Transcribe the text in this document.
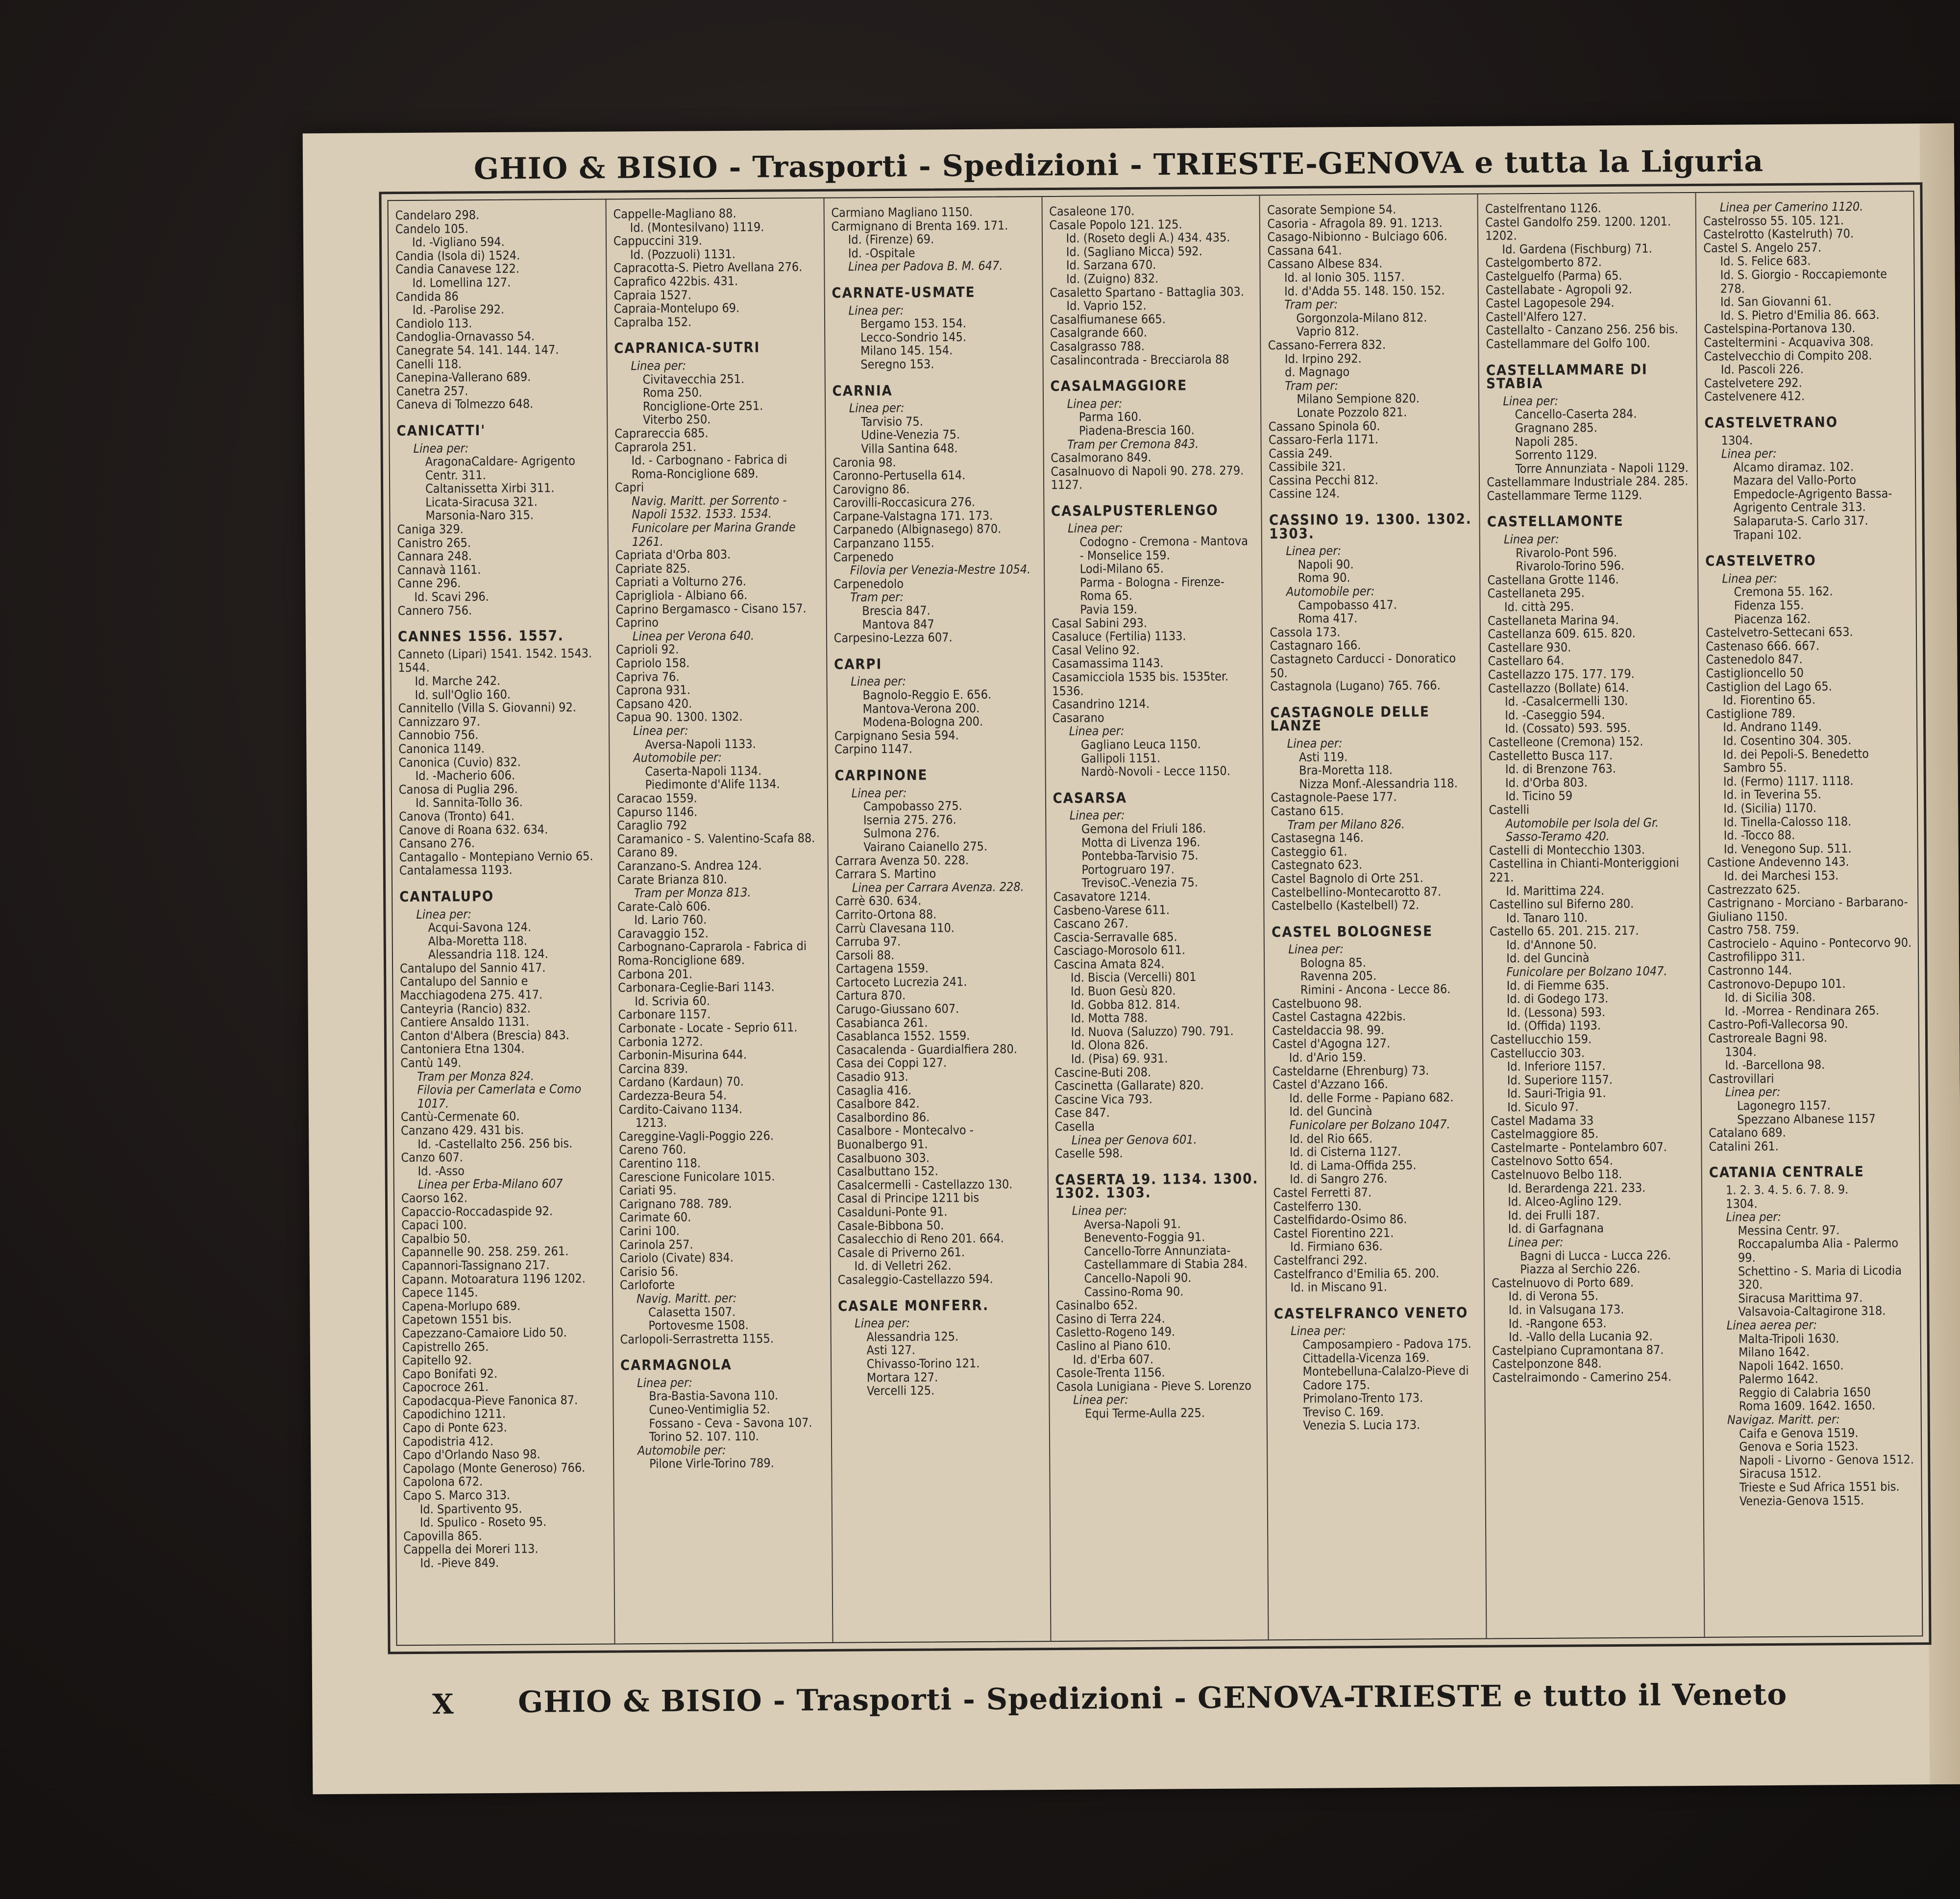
GHIO & BISIO - Trasporti - Spedizioni - TRIESTE-GENOVA e tutta la Liguria
Candelaro 298.
Candelo 105.
Id. -Vigliano 594.
Candia (Isola di) 1524.
Candia Canavese 122.
Id. Lomellina 127.
Candida 86
Id. -Parolise 292.
Candiolo 113.
Candoglia-Ornavasso 54.
Canegrate 54. 141. 144. 147.
Canelli 118.
Canepina-Vallerano 689.
Canetra 257.
Caneva di Tolmezzo 648.
CANICATTI'
Linea per:
AragonaCaldare- Agrigento Centr. 311.
Caltanissetta Xirbi 311.
Licata-Siracusa 321.
Marsonia-Naro 315.
Caniga 329.
Canistro 265.
Cannara 248.
Cannavà 1161.
Canne 296.
Id. Scavi 296.
Cannero 756.
CANNES 1556. 1557.
Canneto (Lipari) 1541. 1542. 1543. 1544.
Id. Marche 242.
Id. sull'Oglio 160.
Cannitello (Villa S. Giovanni) 92.
Cannizzaro 97.
Cannobio 756.
Canonica 1149.
Canonica (Cuvio) 832.
Id. -Macherio 606.
Canosa di Puglia 296.
Id. Sannita-Tollo 36.
Canova (Tronto) 641.
Canove di Roana 632. 634.
Cansano 276.
Cantagallo - Montepiano Vernio 65.
Cantalamessa 1193.
CANTALUPO
Linea per:
Acqui-Savona 124.
Alba-Moretta 118.
Alessandria 118. 124.
Cantalupo del Sannio 417.
Cantalupo del Sannio e Macchiagodena 275. 417.
Canteyria (Rancio) 832.
Cantiere Ansaldo 1131.
Canton d'Albera (Brescia) 843.
Cantoniera Etna 1304.
Cantù 149.
Tram per Monza 824.
Filovia per Camerlata e Como 1017.
Cantù-Cermenate 60.
Canzano 429. 431 bis.
Id. -Castellalto 256. 256 bis.
Canzo 607.
Id. -Asso
Linea per Erba-Milano 607
Caorso 162.
Capaccio-Roccadaspide 92.
Capaci 100.
Capalbio 50.
Capannelle 90. 258. 259. 261.
Capannori-Tassignano 217.
Capann. Motoaratura 1196 1202.
Capece 1145.
Capena-Morlupo 689.
Capetown 1551 bis.
Capezzano-Camaiore Lido 50.
Capistrello 265.
Capitello 92.
Capo Bonifati 92.
Capocroce 261.
Capodacqua-Pieve Fanonica 87.
Capodichino 1211.
Capo di Ponte 623.
Capodistria 412.
Capo d'Orlando Naso 98.
Capolago (Monte Generoso) 766.
Capolona 672.
Capo S. Marco 313.
Id. Spartivento 95.
Id. Spulico - Roseto 95.
Capovilla 865.
Cappella dei Moreri 113.
Id. -Pieve 849.
Cappelle-Magliano 88.
Id. (Montesilvano) 1119.
Cappuccini 319.
Id. (Pozzuoli) 1131.
Capracotta-S. Pietro Avellana 276.
Caprafico 422bis. 431.
Capraia 1527.
Capraia-Montelupo 69.
Capralba 152.
CAPRANICA-SUTRI
Linea per:
Civitavecchia 251.
Roma 250.
Ronciglione-Orte 251.
Viterbo 250.
Caprareccia 685.
Caprarola 251.
Id. - Carbognano - Fabrica di Roma-Ronciglione 689.
Capri
Navig. Maritt. per Sorrento - Napoli 1532. 1533. 1534.
Funicolare per Marina Grande 1261.
Capriata d'Orba 803.
Capriate 825.
Capriati a Volturno 276.
Caprigliola - Albiano 66.
Caprino Bergamasco - Cisano 157.
Caprino
Linea per Verona 640.
Caprioli 92.
Capriolo 158.
Capriva 76.
Caprona 931.
Capsano 420.
Capua 90. 1300. 1302.
Linea per:
Aversa-Napoli 1133.
Automobile per:
Caserta-Napoli 1134.
Piedimonte d'Alife 1134.
Caracao 1559.
Capurso 1146.
Caraglio 792
Caramanico - S. Valentino-Scafa 88.
Carano 89.
Caranzano-S. Andrea 124.
Carate Brianza 810.
Tram per Monza 813.
Carate-Calò 606.
Id. Lario 760.
Caravaggio 152.
Carbognano-Caprarola - Fabrica di Roma-Ronciglione 689.
Carbona 201.
Carbonara-Ceglie-Bari 1143.
Id. Scrivia 60.
Carbonare 1157.
Carbonate - Locate - Seprio 611.
Carbonia 1272.
Carbonin-Misurina 644.
Carcina 839.
Cardano (Kardaun) 70.
Cardezza-Beura 54.
Cardito-Caivano 1134.
1213.
Careggine-Vagli-Poggio 226.
Careno 760.
Carentino 118.
Carescione Funicolare 1015.
Cariati 95.
Carignano 788. 789.
Carimate 60.
Carini 100.
Carinola 257.
Cariolo (Civate) 834.
Carisio 56.
Carloforte
Navig. Maritt. per:
Calasetta 1507.
Portovesme 1508.
Carlopoli-Serrastretta 1155.
CARMAGNOLA
Linea per:
Bra-Bastia-Savona 110.
Cuneo-Ventimiglia 52.
Fossano - Ceva - Savona 107.
Torino 52. 107. 110.
Automobile per:
Pilone Virle-Torino 789.
Carmiano Magliano 1150.
Carmignano di Brenta 169. 171.
Id. (Firenze) 69.
Id. -Ospitale
Linea per Padova B. M. 647.
CARNATE-USMATE
Linea per:
Bergamo 153. 154.
Lecco-Sondrio 145.
Milano 145. 154.
Seregno 153.
CARNIA
Linea per:
Tarvisio 75.
Udine-Venezia 75.
Villa Santina 648.
Caronia 98.
Caronno-Pertusella 614.
Carovigno 86.
Carovilli-Roccasicura 276.
Carpane-Valstagna 171. 173.
Carpanedo (Albignasego) 870.
Carpanzano 1155.
Carpenedo
Filovia per Venezia-Mestre 1054.
Carpenedolo
Tram per:
Brescia 847.
Mantova 847
Carpesino-Lezza 607.
CARPI
Linea per:
Bagnolo-Reggio E. 656.
Mantova-Verona 200.
Modena-Bologna 200.
Carpignano Sesia 594.
Carpino 1147.
CARPINONE
Linea per:
Campobasso 275.
Isernia 275. 276.
Sulmona 276.
Vairano Caianello 275.
Carrara Avenza 50. 228.
Carrara S. Martino
Linea per Carrara Avenza. 228.
Carrè 630. 634.
Carrito-Ortona 88.
Carrù Clavesana 110.
Carruba 97.
Carsoli 88.
Cartagena 1559.
Cartoceto Lucrezia 241.
Cartura 870.
Carugo-Giussano 607.
Casabianca 261.
Casablanca 1552. 1559.
Casacalenda - Guardialfiera 280.
Casa dei Coppi 127.
Casadio 913.
Casaglia 416.
Casalbore 842.
Casalbordino 86.
Casalbore - Montecalvo - Buonalbergo 91.
Casalbuono 303.
Casalbuttano 152.
Casalcermelli - Castellazzo 130.
Casal di Principe 1211 bis
Casalduni-Ponte 91.
Casale-Bibbona 50.
Casalecchio di Reno 201. 664.
Casale di Priverno 261.
Id. di Velletri 262.
Casaleggio-Castellazzo 594.
CASALE MONFERR.
Linea per:
Alessandria 125.
Asti 127.
Chivasso-Torino 121.
Mortara 127.
Vercelli 125.
Casaleone 170.
Casale Popolo 121. 125.
Id. (Roseto degli A.) 434. 435.
Id. (Sagliano Micca) 592.
Id. Sarzana 670.
Id. (Zuigno) 832.
Casaletto Spartano - Battaglia 303.
Id. Vaprio 152.
Casalfiumanese 665.
Casalgrande 660.
Casalgrasso 788.
Casalincontrada - Brecciarola 88
CASALMAGGIORE
Linea per:
Parma 160.
Piadena-Brescia 160.
Tram per Cremona 843.
Casalmorano 849.
Casalnuovo di Napoli 90. 278. 279. 1127.
CASALPUSTERLENGO
Linea per:
Codogno - Cremona - Mantova - Monselice 159.
Lodi-Milano 65.
Parma - Bologna - Firenze-Roma 65.
Pavia 159.
Casal Sabini 293.
Casaluce (Fertilia) 1133.
Casal Velino 92.
Casamassima 1143.
Casamicciola 1535 bis. 1535ter. 1536.
Casandrino 1214.
Casarano
Linea per:
Gagliano Leuca 1150.
Gallipoli 1151.
Nardò-Novoli - Lecce 1150.
CASARSA
Linea per:
Gemona del Friuli 186.
Motta di Livenza 196.
Pontebba-Tarvisio 75.
Portogruaro 197.
TrevisoC.-Venezia 75.
Casavatore 1214.
Casbeno-Varese 611.
Cascano 267.
Cascia-Serravalle 685.
Casciago-Morosolo 611.
Cascina Amata 824.
Id. Biscia (Vercelli) 801
Id. Buon Gesù 820.
Id. Gobba 812. 814.
Id. Motta 788.
Id. Nuova (Saluzzo) 790. 791.
Id. Olona 826.
Id. (Pisa) 69. 931.
Cascine-Buti 208.
Cascinetta (Gallarate) 820.
Cascine Vica 793.
Case 847.
Casella
Linea per Genova 601.
Caselle 598.
CASERTA 19. 1134. 1300. 1302. 1303.
Linea per:
Aversa-Napoli 91.
Benevento-Foggia 91.
Cancello-Torre Annunziata-Castellammare di Stabia 284.
Cancello-Napoli 90.
Cassino-Roma 90.
Casinalbo 652.
Casino di Terra 224.
Casletto-Rogeno 149.
Caslino al Piano 610.
Id. d'Erba 607.
Casole-Trenta 1156.
Casola Lunigiana - Pieve S. Lorenzo
Linea per:
Equi Terme-Aulla 225.
Casorate Sempione 54.
Casoria - Afragola 89. 91. 1213.
Casago-Nibionno - Bulciago 606.
Cassana 641.
Cassano Albese 834.
Id. al Ionio 305. 1157.
Id. d'Adda 55. 148. 150. 152.
Tram per:
Gorgonzola-Milano 812.
Vaprio 812.
Cassano-Ferrera 832.
Id. Irpino 292.
d. Magnago
Tram per:
Milano Sempione 820.
Lonate Pozzolo 821.
Cassano Spinola 60.
Cassaro-Ferla 1171.
Cassia 249.
Cassibile 321.
Cassina Pecchi 812.
Cassine 124.
CASSINO 19. 1300. 1302. 1303.
Linea per:
Napoli 90.
Roma 90.
Automobile per:
Campobasso 417.
Roma 417.
Cassola 173.
Castagnaro 166.
Castagneto Carducci - Donoratico 50.
Castagnola (Lugano) 765. 766.
CASTAGNOLE DELLE LANZE
Linea per:
Asti 119.
Bra-Moretta 118.
Nizza Monf.-Alessandria 118.
Castagnole-Paese 177.
Castano 615.
Tram per Milano 826.
Castasegna 146.
Casteggio 61.
Castegnato 623.
Castel Bagnolo di Orte 251.
Castelbellino-Montecarotto 87.
Castelbello (Kastelbell) 72.
CASTEL BOLOGNESE
Linea per:
Bologna 85.
Ravenna 205.
Rimini - Ancona - Lecce 86.
Castelbuono 98.
Castel Castagna 422bis.
Casteldaccia 98. 99.
Castel d'Agogna 127.
Id. d'Ario 159.
Casteldarne (Ehrenburg) 73.
Castel d'Azzano 166.
Id. delle Forme - Papiano 682.
Id. del Guncinà
Funicolare per Bolzano 1047.
Id. del Rio 665.
Id. di Cisterna 1127.
Id. di Lama-Offida 255.
Id. di Sangro 276.
Castel Ferretti 87.
Castelferro 130.
Castelfidardo-Osimo 86.
Castel Fiorentino 221.
Id. Firmiano 636.
Castelfranci 292.
Castelfranco d'Emilia 65. 200.
Id. in Miscano 91.
CASTELFRANCO VENETO
Linea per:
Camposampiero - Padova 175.
Cittadella-Vicenza 169.
Montebelluna-Calalzo-Pieve di Cadore 175.
Primolano-Trento 173.
Treviso C. 169.
Venezia S. Lucia 173.
Castelfrentano 1126.
Castel Gandolfo 259. 1200. 1201. 1202.
Id. Gardena (Fischburg) 71.
Castelgomberto 872.
Castelguelfo (Parma) 65.
Castellabate - Agropoli 92.
Castel Lagopesole 294.
Castell'Alfero 127.
Castellalto - Canzano 256. 256 bis.
Castellammare del Golfo 100.
CASTELLAMMARE DI STABIA
Linea per:
Cancello-Caserta 284.
Gragnano 285.
Napoli 285.
Sorrento 1129.
Torre Annunziata - Napoli 1129.
Castellammare Industriale 284. 285.
Castellammare Terme 1129.
CASTELLAMONTE
Linea per:
Rivarolo-Pont 596.
Rivarolo-Torino 596.
Castellana Grotte 1146.
Castellaneta 295.
Id. città 295.
Castellaneta Marina 94.
Castellanza 609. 615. 820.
Castellare 930.
Castellaro 64.
Castellazzo 175. 177. 179.
Castellazzo (Bollate) 614.
Id. -Casalcermelli 130.
Id. -Caseggio 594.
Id. (Cossato) 593. 595.
Castelleone (Cremona) 152.
Castelletto Busca 117.
Id. di Brenzone 763.
Id. d'Orba 803.
Id. Ticino 59
Castelli
Automobile per Isola del Gr. Sasso-Teramo 420.
Castelli di Montecchio 1303.
Castellina in Chianti-Monteriggioni 221.
Id. Marittima 224.
Castellino sul Biferno 280.
Id. Tanaro 110.
Castello 65. 201. 215. 217.
Id. d'Annone 50.
Id. del Guncinà
Funicolare per Bolzano 1047.
Id. di Fiemme 635.
Id. di Godego 173.
Id. (Lessona) 593.
Id. (Offida) 1193.
Castellucchio 159.
Castelluccio 303.
Id. Inferiore 1157.
Id. Superiore 1157.
Id. Sauri-Trigia 91.
Id. Siculo 97.
Castel Madama 33
Castelmaggiore 85.
Castelmarte - Pontelambro 607.
Castelnovo Sotto 654.
Castelnuovo Belbo 118.
Id. Berardenga 221. 233.
Id. Alceo-Aglino 129.
Id. dei Frulli 187.
Id. di Garfagnana
Linea per:
Bagni di Lucca - Lucca 226.
Piazza al Serchio 226.
Castelnuovo di Porto 689.
Id. di Verona 55.
Id. in Valsugana 173.
Id. -Rangone 653.
Id. -Vallo della Lucania 92.
Castelpiano Cupramontana 87.
Castelponzone 848.
Castelraimondo - Camerino 254.
Linea per Camerino 1120.
Castelrosso 55. 105. 121.
Castelrotto (Kastelruth) 70.
Castel S. Angelo 257.
Id. S. Felice 683.
Id. S. Giorgio - Roccapiemonte 278.
Id. San Giovanni 61.
Id. S. Pietro d'Emilia 86. 663.
Castelspina-Portanova 130.
Casteltermini - Acquaviva 308.
Castelvecchio di Compito 208.
Id. Pascoli 226.
Castelvetere 292.
Castelvenere 412.
CASTELVETRANO
1304.
Linea per:
Alcamo diramaz. 102.
Mazara del Vallo-Porto Empedocle-Agrigento Bassa-Agrigento Centrale 313.
Salaparuta-S. Carlo 317.
Trapani 102.
CASTELVETRO
Linea per:
Cremona 55. 162.
Fidenza 155.
Piacenza 162.
Castelvetro-Settecani 653.
Castenaso 666. 667.
Castenedolo 847.
Castiglioncello 50
Castiglion del Lago 65.
Id. Fiorentino 65.
Castiglione 789.
Id. Andrano 1149.
Id. Cosentino 304. 305.
Id. dei Pepoli-S. Benedetto Sambro 55.
Id. (Fermo) 1117. 1118.
Id. in Teverina 55.
Id. (Sicilia) 1170.
Id. Tinella-Calosso 118.
Id. -Tocco 88.
Id. Venegono Sup. 511.
Castione Andevenno 143.
Id. dei Marchesi 153.
Castrezzato 625.
Castrignano - Morciano - Barbarano-Giuliano 1150.
Castro 758. 759.
Castrocielo - Aquino - Pontecorvo 90.
Castrofilippo 311.
Castronno 144.
Castronovo-Depupo 101.
Id. di Sicilia 308.
Id. -Morrea - Rendinara 265.
Castro-Pofi-Vallecorsa 90.
Castroreale Bagni 98.
1304.
Id. -Barcellona 98.
Castrovillari
Linea per:
Lagonegro 1157.
Spezzano Albanese 1157
Catalano 689.
Catalini 261.
CATANIA CENTRALE
1. 2. 3. 4. 5. 6. 7. 8. 9.
1304.
Linea per:
Messina Centr. 97.
Roccapalumba Alia - Palermo 99.
Schettino - S. Maria di Licodia 320.
Siracusa Marittima 97.
Valsavoia-Caltagirone 318.
Linea aerea per:
Malta-Tripoli 1630.
Milano 1642.
Napoli 1642. 1650.
Palermo 1642.
Reggio di Calabria 1650
Roma 1609. 1642. 1650.
Navigaz. Maritt. per:
Caifa e Genova 1519.
Genova e Soria 1523.
Napoli - Livorno - Genova 1512.
Siracusa 1512.
Trieste e Sud Africa 1551 bis.
Venezia-Genova 1515.
X	GHIO & BISIO - Trasporti - Spedizioni - GENOVA-TRIESTE e tutto il Veneto
